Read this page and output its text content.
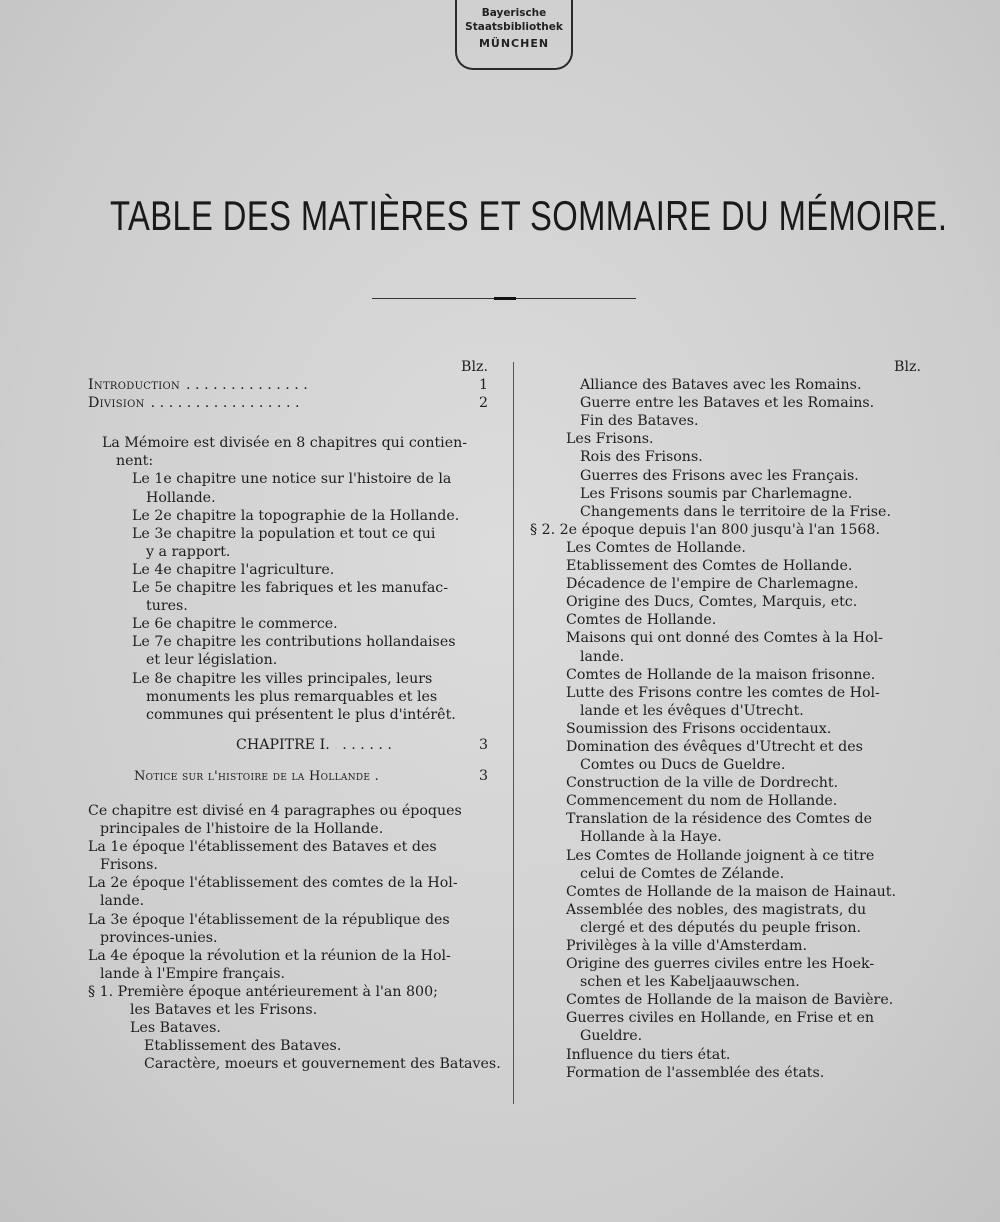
Bayerische
Staatsbibliothek
MÜNCHEN
TABLE DES MATIÈRES ET SOMMAIRE DU MÉMOIRE.
Blz.
Introduction . . . . . . . . . . . . . .	1
Division . . . . . . . . . . . . . . . . .	2
La Mémoire est divisée en 8 chapitres qui contien-
nent:
Le 1e chapitre une notice sur l'histoire de la
Hollande.
Le 2e chapitre la topographie de la Hollande.
Le 3e chapitre la population et tout ce qui
y a rapport.
Le 4e chapitre l'agriculture.
Le 5e chapitre les fabriques et les manufac-
tures.
Le 6e chapitre le commerce.
Le 7e chapitre les contributions hollandaises
et leur législation.
Le 8e chapitre les villes principales, leurs
monuments les plus remarquables et les
communes qui présentent le plus d'intérêt.
CHAPITRE I. . . . . . .	3
Notice sur l'histoire de la Hollande .	3
Ce chapitre est divisé en 4 paragraphes ou époques
principales de l'histoire de la Hollande.
La 1e époque l'établissement des Bataves et des
Frisons.
La 2e époque l'établissement des comtes de la Hol-
lande.
La 3e époque l'établissement de la république des
provinces-unies.
La 4e époque la révolution et la réunion de la Hol-
lande à l'Empire français.
§ 1. Première époque antérieurement à l'an 800;
les Bataves et les Frisons.
Les Bataves.
Etablissement des Bataves.
Caractère, moeurs et gouvernement des Bataves.
Blz.
Alliance des Bataves avec les Romains.
Guerre entre les Bataves et les Romains.
Fin des Bataves.
Les Frisons.
Rois des Frisons.
Guerres des Frisons avec les Français.
Les Frisons soumis par Charlemagne.
Changements dans le territoire de la Frise.
§ 2. 2e époque depuis l'an 800 jusqu'à l'an 1568.
Les Comtes de Hollande.
Etablissement des Comtes de Hollande.
Décadence de l'empire de Charlemagne.
Origine des Ducs, Comtes, Marquis, etc.
Comtes de Hollande.
Maisons qui ont donné des Comtes à la Hol-
lande.
Comtes de Hollande de la maison frisonne.
Lutte des Frisons contre les comtes de Hol-
lande et les évêques d'Utrecht.
Soumission des Frisons occidentaux.
Domination des évêques d'Utrecht et des
Comtes ou Ducs de Gueldre.
Construction de la ville de Dordrecht.
Commencement du nom de Hollande.
Translation de la résidence des Comtes de
Hollande à la Haye.
Les Comtes de Hollande joignent à ce titre
celui de Comtes de Zélande.
Comtes de Hollande de la maison de Hainaut.
Assemblée des nobles, des magistrats, du
clergé et des députés du peuple frison.
Privilèges à la ville d'Amsterdam.
Origine des guerres civiles entre les Hoek-
schen et les Kabeljaauwschen.
Comtes de Hollande de la maison de Bavière.
Guerres civiles en Hollande, en Frise et en
Gueldre.
Influence du tiers état.
Formation de l'assemblée des états.
